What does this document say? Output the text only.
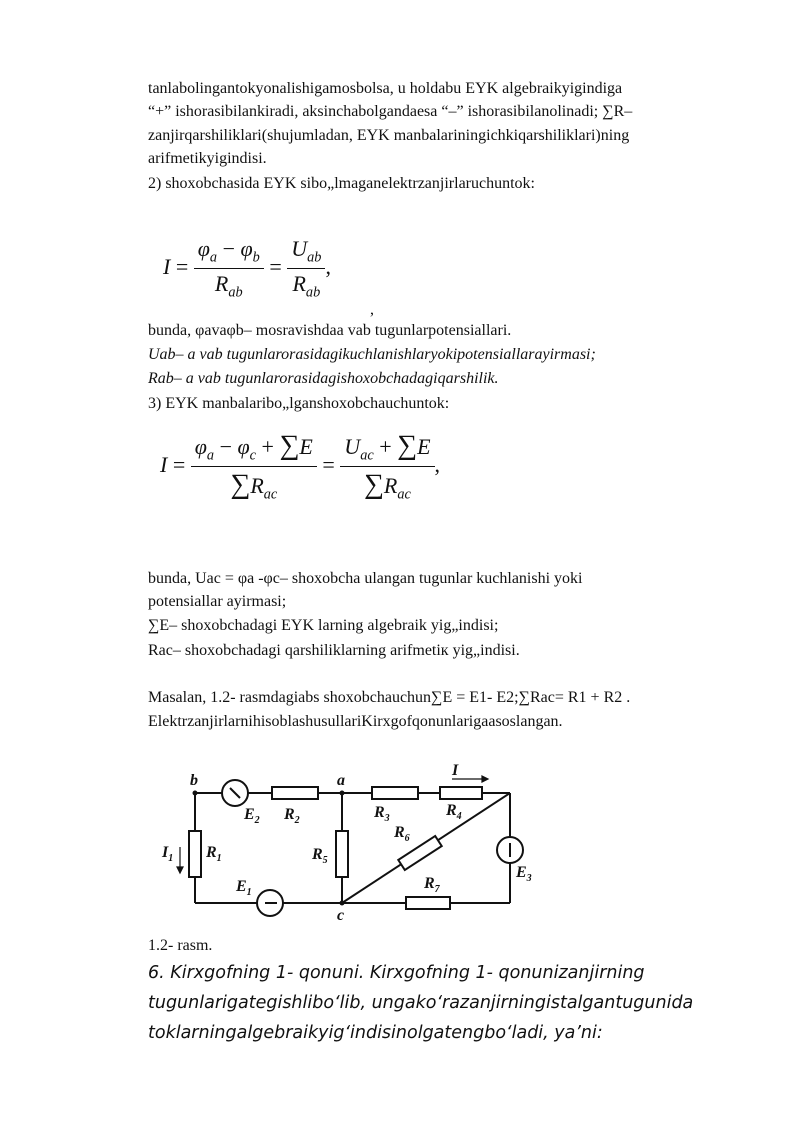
tanlabolingantokyonalishigamosbolsa, u holdabu EYK algebraikyigindiga
“+” ishorasibilankiradi, aksinchabolgandaesa “–” ishorasibilanolinadi; ∑R–
zanjirqarshiliklari(shujumladan, EYK manbalariningichkiqarshiliklari)ning
arifmetikyigindisi.
2) shoxobchasida EYK sibo„lmaganelektrzanjirlaruchuntok:
$I = \frac{\varphi_a - \varphi_b}{R_{ab}} = \frac{U_{ab}}{R_{ab}}$ ,
,
bunda, φavaφb– mosravishdaa vab tugunlarpotensiallari.
Uab– a vab tugunlarorasidagikuchlanishlaryokipotensiallarayirmasi;
Rab– a vab tugunlarorasidagishoxobchadagiqarshilik.
3) EYK manbalaribo„lganshoxobchauchuntok:
$I = \frac{\varphi_a - \varphi_c + \sum E}{\sum R_{ac}} = \frac{U_{ac} + \sum E}{\sum R_{ac}}$ ,
bunda, Uac = φa -φc– shoxobcha ulangan tugunlar kuchlanishi yoki
potensiallar ayirmasi;
∑E– shoxobchadagi EYK larning algebraik yig„indisi;
Rac– shoxobchadagi qarshiliklarning arifmetiк yig„indisi.
Masalan, 1.2- rasmdagiabs shoxobchauchun∑E = E1- E2;∑Rac= R1 + R2 .
ElektrzanjirlarnihisoblashusullariKirxgofqonunlarigaasoslangan.
b	a
c
I
$I_1$ $R_1$
$E_2$ $R_2$	$R_3$	$R_4$
$R_5$
$R_6$
$R_7$
$E_1$
$E_3$
1.2- rasm.
6. Kirxgofning 1- qonuni. Kirxgofning 1- qonunizanjirning
tugunlarigategishlibo‘lib, ungako‘razanjirningistalgantugunida
toklarningalgebraikyig‘indisinolgatengbo‘ladi, ya’ni:
